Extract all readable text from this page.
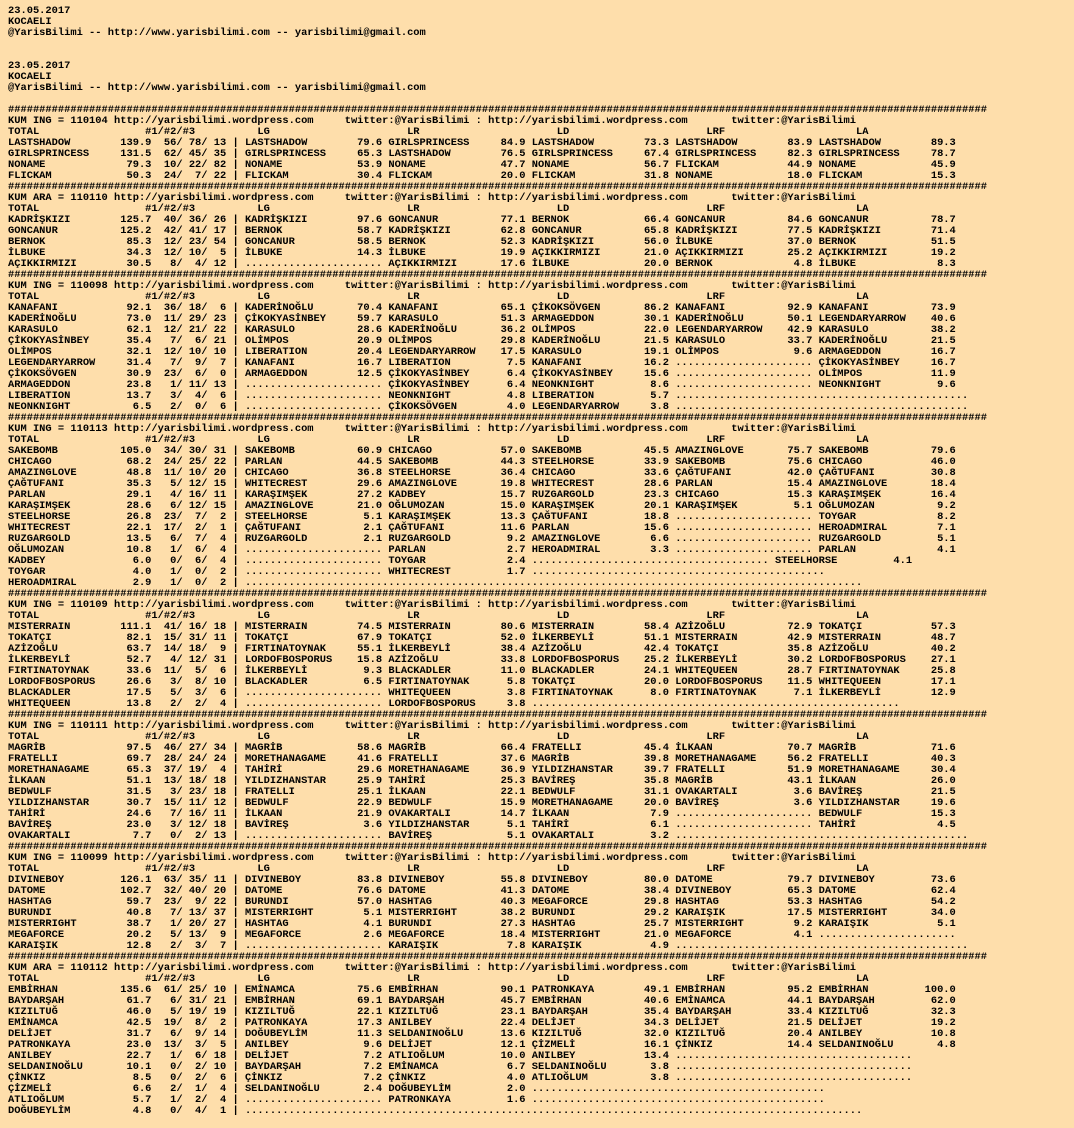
23.05.2017
KOCAELI
@YarisBilimi -- http://www.yarisbilimi.com -- yarisbilimi@gmail.com

23.05.2017
KOCAELI
@YarisBilimi -- http://www.yarisbilimi.com -- yarisbilimi@gmail.com

#############################################################################################################################################################
KUM ING = 110104 http://yarisbilimi.wordpress.com     twitter:@YarisBilimi : http://yarisbilimi.wordpress.com       twitter:@YarisBilimi
TOTAL                 #1/#2/#3          LG                      LR                      LD                      LRF                     LA
LASTSHADOW        139.9  56/ 78/ 13 | LASTSHADOW        79.6 GIRLSPRINCESS     84.9 LASTSHADOW        73.3 LASTSHADOW        83.9 LASTSHADOW        89.3
GIRLSPRINCESS     131.5  62/ 45/ 35 | GIRLSPRINCESS     65.3 LASTSHADOW        76.5 GIRLSPRINCESS     67.4 GIRLSPRINCESS     82.3 GIRLSPRINCESS     78.7
NONAME             79.3  10/ 22/ 82 | NONAME            53.9 NONAME            47.7 NONAME            56.7 FLICKAM           44.9 NONAME            45.9
FLICKAM            50.3  24/  7/ 22 | FLICKAM           30.4 FLICKAM           20.0 FLICKAM           31.8 NONAME            18.0 FLICKAM           15.3
#############################################################################################################################################################
KUM ARA = 110110 http://yarisbilimi.wordpress.com     twitter:@YarisBilimi : http://yarisbilimi.wordpress.com       twitter:@YarisBilimi
TOTAL                 #1/#2/#3          LG                      LR                      LD                      LRF                     LA
KADRİŞKIZI        125.7  40/ 36/ 26 | KADRİŞKIZI        97.6 GONCANUR          77.1 BERNOK            66.4 GONCANUR          84.6 GONCANUR          78.7
GONCANUR          125.2  42/ 41/ 17 | BERNOK            58.7 KADRİŞKIZI        62.8 GONCANUR          65.8 KADRİŞKIZI        77.5 KADRİŞKIZI        71.4
BERNOK             85.3  12/ 23/ 54 | GONCANUR          58.5 BERNOK            52.3 KADRİŞKIZI        56.0 İLBUKE            37.0 BERNOK            51.5
İLBUKE             34.3  12/ 10/  5 | İLBUKE            14.3 İLBUKE            19.9 AÇIKKIRMIZI       21.0 AÇIKKIRMIZI       25.2 AÇIKKIRMIZI       19.2
AÇIKKIRMIZI        30.5   8/  4/ 12 | ...................... AÇIKKIRMIZI       17.6 İLBUKE            20.0 BERNOK             4.8 İLBUKE             8.3
#############################################################################################################################################################
KUM ING = 110098 http://yarisbilimi.wordpress.com     twitter:@YarisBilimi : http://yarisbilimi.wordpress.com       twitter:@YarisBilimi
TOTAL                 #1/#2/#3          LG                      LR                      LD                      LRF                     LA
KANAFANI           92.1  36/ 18/  6 | KADERİNOĞLU       70.4 KANAFANI          65.1 ÇİKOKSÖVGEN       86.2 KANAFANI          92.9 KANAFANI          73.9
KADERİNOĞLU        73.0  11/ 29/ 23 | ÇİKOKYASİNBEY     59.7 KARASULO          51.3 ARMAGEDDON        30.1 KADERİNOĞLU       50.1 LEGENDARYARROW    40.6
KARASULO           62.1  12/ 21/ 22 | KARASULO          28.6 KADERİNOĞLU       36.2 OLİMPOS           22.0 LEGENDARYARROW    42.9 KARASULO          38.2
ÇİKOKYASİNBEY      35.4   7/  6/ 21 | OLİMPOS           20.9 OLİMPOS           29.8 KADERİNOĞLU       21.5 KARASULO          33.7 KADERİNOĞLU       21.5
OLİMPOS            32.1  12/ 10/ 10 | LIBERATION        20.4 LEGENDARYARROW    17.5 KARASULO          19.1 OLİMPOS            9.6 ARMAGEDDON        16.7
LEGENDARYARROW     31.4   7/  9/  7 | KANAFANI          16.7 LIBERATION         7.5 KANAFANI          16.2 ...................... ÇİKOKYASİNBEY     16.7
ÇİKOKSÖVGEN        30.9  23/  6/  0 | ARMAGEDDON        12.5 ÇİKOKYASİNBEY      6.4 ÇİKOKYASİNBEY     15.6 ...................... OLİMPOS           11.9
ARMAGEDDON         23.8   1/ 11/ 13 | ...................... ÇİKOKYASİNBEY      6.4 NEONKNIGHT         8.6 ...................... NEONKNIGHT         9.6
LIBERATION         13.7   3/  4/  6 | ...................... NEONKNIGHT         4.8 LIBERATION         5.7 ...............................................
NEONKNIGHT          6.5   2/  0/  6 | ...................... ÇİKOKSÖVGEN        4.0 LEGENDARYARROW     3.8 ...............................................
#############################################################################################################################################################
KUM ING = 110113 http://yarisbilimi.wordpress.com     twitter:@YarisBilimi : http://yarisbilimi.wordpress.com       twitter:@YarisBilimi
TOTAL                 #1/#2/#3          LG                      LR                      LD                      LRF                     LA
SAKEBOMB          105.0  34/ 30/ 31 | SAKEBOMB          60.9 CHICAGO           57.0 SAKEBOMB          45.5 AMAZINGLOVE       75.7 SAKEBOMB          79.6
CHICAGO            68.2  24/ 25/ 22 | PARLAN            44.5 SAKEBOMB          44.3 STEELHORSE        33.9 SAKEBOMB          75.6 CHICAGO           46.0
AMAZINGLOVE        48.8  11/ 10/ 20 | CHICAGO           36.8 STEELHORSE        36.4 CHICAGO           33.6 ÇAĞTUFANI         42.0 ÇAĞTUFANI         30.8
ÇAĞTUFANI          35.3   5/ 12/ 15 | WHITECREST        29.6 AMAZINGLOVE       19.8 WHITECREST        28.6 PARLAN            15.4 AMAZINGLOVE       18.4
PARLAN             29.1   4/ 16/ 11 | KARAŞIMŞEK        27.2 KADBEY            15.7 RUZGARGOLD        23.3 CHICAGO           15.3 KARAŞIMŞEK        16.4
KARAŞIMŞEK         28.6   6/ 12/ 15 | AMAZINGLOVE       21.0 OĞLUMOZAN         15.0 KARAŞIMŞEK        20.1 KARAŞIMŞEK         5.1 OĞLUMOZAN          9.2
STEELHORSE         26.8  23/  7/  2 | STEELHORSE         5.1 KARAŞIMŞEK        13.3 ÇAĞTUFANI         18.8 ...................... TOYGAR             8.2
WHITECREST         22.1  17/  2/  1 | ÇAĞTUFANI          2.1 ÇAĞTUFANI         11.6 PARLAN            15.6 ...................... HEROADMIRAL        7.1
RUZGARGOLD         13.5   6/  7/  4 | RUZGARGOLD         2.1 RUZGARGOLD         9.2 AMAZINGLOVE        6.6 ...................... RUZGARGOLD         5.1
OĞLUMOZAN          10.8   1/  6/  4 | ...................... PARLAN             2.7 HEROADMIRAL        3.3 ...................... PARLAN             4.1
KADBEY              6.0   0/  6/  4 | ...................... TOYGAR             2.4 ...................................... STEELHORSE         4.1
TOYGAR              4.0   1/  0/  2 | ...................... WHITECREST         1.7 ...............................................
HEROADMIRAL         2.9   1/  0/  2 | ...................................................................................................
#############################################################################################################################################################
KUM ING = 110109 http://yarisbilimi.wordpress.com     twitter:@YarisBilimi : http://yarisbilimi.wordpress.com       twitter:@YarisBilimi
TOTAL                 #1/#2/#3          LG                      LR                      LD                      LRF                     LA
MISTERRAIN        111.1  41/ 16/ 18 | MISTERRAIN        74.5 MISTERRAIN        80.6 MISTERRAIN        58.4 AZİZOĞLU          72.9 TOKATÇI           57.3
TOKATÇI            82.1  15/ 31/ 11 | TOKATÇI           67.9 TOKATÇI           52.0 İLKERBEYLİ        51.1 MISTERRAIN        42.9 MISTERRAIN        48.7
AZİZOĞLU           63.7  14/ 18/  9 | FIRTINATOYNAK     55.1 İLKERBEYLİ        38.4 AZİZOĞLU          42.4 TOKATÇI           35.8 AZİZOĞLU          40.2
İLKERBEYLİ         52.7   4/ 12/ 31 | LORDOFBOSPORUS    15.8 AZİZOĞLU          33.8 LORDOFBOSPORUS    25.2 İLKERBEYLİ        30.2 LORDOFBOSPORUS    27.1
FIRTINATOYNAK      33.6  11/  5/  6 | İLKERBEYLİ         9.3 BLACKADLER        11.0 BLACKADLER        24.1 WHITEQUEEN        28.7 FIRTINATOYNAK     25.8
LORDOFBOSPORUS     26.6   3/  8/ 10 | BLACKADLER         6.5 FIRTINATOYNAK      5.8 TOKATÇI           20.0 LORDOFBOSPORUS    11.5 WHITEQUEEN        17.1
BLACKADLER         17.5   5/  3/  6 | ...................... WHITEQUEEN         3.8 FIRTINATOYNAK      8.0 FIRTINATOYNAK      7.1 İLKERBEYLİ        12.9
WHITEQUEEN         13.8   2/  2/  4 | ...................... LORDOFBOSPORUS     3.8 ...........................................................
#############################################################################################################################################################
KUM ING = 110111 http://yarisbilimi.wordpress.com     twitter:@YarisBilimi : http://yarisbilimi.wordpress.com       twitter:@YarisBilimi
TOTAL                 #1/#2/#3          LG                      LR                      LD                      LRF                     LA
MAGRİB             97.5  46/ 27/ 34 | MAGRİB            58.6 MAGRİB            66.4 FRATELLI          45.4 İLKAAN            70.7 MAGRİB            71.6
FRATELLI           69.7  28/ 24/ 24 | MORETHANAGAME     41.6 FRATELLI          37.6 MAGRİB            39.8 MORETHANAGAME     56.2 FRATELLI          40.3
MORETHANAGAME      65.3  37/ 19/  4 | TAHİRİ            29.6 MORETHANAGAME     36.9 YILDIZHANSTAR     39.7 FRATELLI          51.9 MORETHANAGAME     30.4
İLKAAN             51.1  13/ 18/ 18 | YILDIZHANSTAR     25.9 TAHİRİ            25.3 BAVİREŞ           35.8 MAGRİB            43.1 İLKAAN            26.0
BEDWULF            31.5   3/ 23/ 18 | FRATELLI          25.1 İLKAAN            22.1 BEDWULF           31.1 OVAKARTALI         3.6 BAVİREŞ           21.5
YILDIZHANSTAR      30.7  15/ 11/ 12 | BEDWULF           22.9 BEDWULF           15.9 MORETHANAGAME     20.0 BAVİREŞ            3.6 YILDIZHANSTAR     19.6
TAHİRİ             24.6   7/ 16/ 11 | İLKAAN            21.9 OVAKARTALI        14.7 İLKAAN             7.9 ...................... BEDWULF           15.3
BAVİREŞ            23.0   3/ 12/ 18 | BAVİREŞ            3.6 YILDIZHANSTAR      5.1 TAHİRİ             6.1 ...................... TAHİRİ             4.5
OVAKARTALI          7.7   0/  2/ 13 | ...................... BAVİREŞ            5.1 OVAKARTALI         3.2 ...............................................
#############################################################################################################################################################
KUM ING = 110099 http://yarisbilimi.wordpress.com     twitter:@YarisBilimi : http://yarisbilimi.wordpress.com       twitter:@YarisBilimi
TOTAL                 #1/#2/#3          LG                      LR                      LD                      LRF                     LA
DIVINEBOY         126.1  63/ 35/ 11 | DIVINEBOY         83.8 DIVINEBOY         55.8 DIVINEBOY         80.0 DATOME            79.7 DIVINEBOY         73.6
DATOME            102.7  32/ 40/ 20 | DATOME            76.6 DATOME            41.3 DATOME            38.4 DIVINEBOY         65.3 DATOME            62.4
HASHTAG            59.7  23/  9/ 22 | BURUNDI           57.0 HASHTAG           40.3 MEGAFORCE         29.8 HASHTAG           53.3 HASHTAG           54.2
BURUNDI            40.8   7/ 13/ 37 | MISTERRIGHT        5.1 MISTERRIGHT       38.2 BURUNDI           29.2 KARAIŞIK          17.5 MISTERRIGHT       34.0
MISTERRIGHT        38.7   1/ 20/ 27 | HASHTAG            4.1 BURUNDI           27.3 HASHTAG           25.7 MISTERRIGHT        9.2 KARAIŞIK           5.1
MEGAFORCE          20.2   5/ 13/  9 | MEGAFORCE          2.6 MEGAFORCE         18.4 MISTERRIGHT       21.0 MEGAFORCE          4.1 ......................
KARAIŞIK           12.8   2/  3/  7 | ...................... KARAIŞIK           7.8 KARAIŞIK           4.9 ...............................................
#############################################################################################################################################################
KUM ARA = 110112 http://yarisbilimi.wordpress.com     twitter:@YarisBilimi : http://yarisbilimi.wordpress.com       twitter:@YarisBilimi
TOTAL                 #1/#2/#3          LG                      LR                      LD                      LRF                     LA
EMBİRHAN          135.6  61/ 25/ 10 | EMİNAMCA          75.6 EMBİRHAN          90.1 PATRONKAYA        49.1 EMBİRHAN          95.2 EMBİRHAN         100.0
BAYDARŞAH          61.7   6/ 31/ 21 | EMBİRHAN          69.1 BAYDARŞAH         45.7 EMBİRHAN          40.6 EMİNAMCA          44.1 BAYDARŞAH         62.0
KIZILTUĞ           46.0   5/ 19/ 19 | KIZILTUĞ          22.1 KIZILTUĞ          23.1 BAYDARŞAH         35.4 BAYDARŞAH         33.4 KIZILTUĞ          32.3
EMİNAMCA           42.5  19/  8/  2 | PATRONKAYA        17.3 ANILBEY           22.4 DELİJET           34.3 DELİJET           21.5 DELİJET           19.2
DELİJET            31.7   6/  9/ 14 | DOĞUBEYLİM        11.3 SELDANINOĞLU      13.6 KIZILTUĞ          32.0 KIZILTUĞ          20.4 ANILBEY           10.8
PATRONKAYA         23.0  13/  3/  5 | ANILBEY            9.6 DELİJET           12.1 ÇİZMELİ           16.1 ÇİNKIZ            14.4 SELDANINOĞLU       4.8
ANILBEY            22.7   1/  6/ 18 | DELİJET            7.2 ATLIOĞLUM         10.0 ANILBEY           13.4 ......................................
SELDANINOĞLU       10.1   0/  2/ 10 | BAYDARŞAH          7.2 EMİNAMCA           6.7 SELDANINOĞLU       3.8 ......................................
ÇİNKIZ              8.5   0/  2/  6 | ÇİNKIZ             7.2 ÇİNKIZ             4.0 ATLIOĞLUM          3.8 ......................................
ÇİZMELİ             6.6   2/  1/  4 | SELDANINOĞLU       2.4 DOĞUBEYLİM         2.0 ...............................................
ATLIOĞLUM           5.7   1/  2/  4 | ...................... PATRONKAYA         1.6 ...............................................
DOĞUBEYLİM          4.8   0/  4/  1 | ...................................................................................................
